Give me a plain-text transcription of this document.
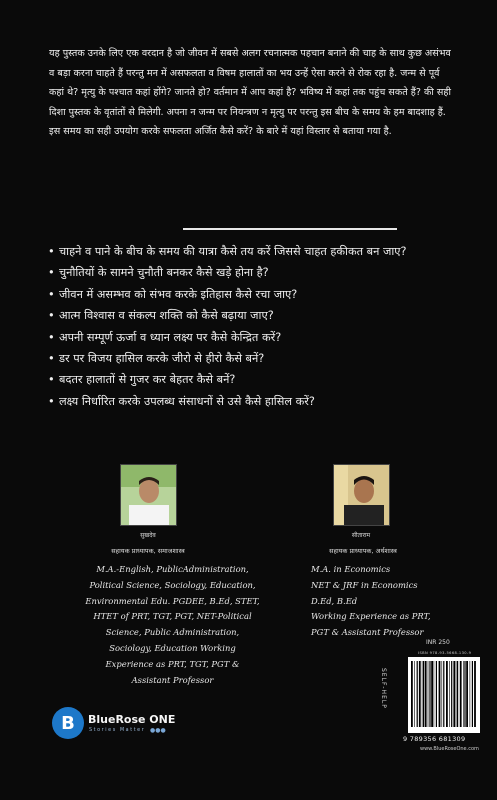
यह पुस्तक उनके लिए एक वरदान है जो जीवन में सबसे अलग रचनात्मक पहचान बनाने की चाह के साथ कुछ असंभव व बड़ा करना चाहते हैं परन्तु मन में असफलता व विषम हालातों का भय उन्हें ऐसा करने से रोक रहा है. जन्म से पूर्व कहां थे? मृत्यु के पश्चात कहां होंगे? जानते हो? वर्तमान में आप कहां है? भविष्य में कहां तक पहुंच सकते हैं? की सही दिशा पुस्तक के वृतांतों से मिलेगी. अपना न जन्म पर नियन्त्रण न मृत्यु पर परन्तु इस बीच के समय के हम बादशाह हैं. इस समय का सही उपयोग करके सफलता अर्जित कैसे करें? के बारे में यहां विस्तार से बताया गया है.

• चाहने व पाने के बीच के समय की यात्रा कैसे तय करें जिससे चाहत हकीकत बन जाए?
• चुनौतियों के सामने चुनौती बनकर कैसे खड़े होना है?
• जीवन में असम्भव को संभव करके इतिहास कैसे रचा जाए?
• आत्म विश्वास व संकल्प शक्ति को कैसे बढ़ाया जाए?
• अपनी सम्पूर्ण ऊर्जा व ध्यान लक्ष्य पर कैसे केन्द्रित करें?
• डर पर विजय हासिल करके जीरो से हीरो कैसे बनें?
• बदतर हालातों से गुजर कर बेहतर कैसे बनें?
• लक्ष्य निर्धारित करके उपलब्ध संसाधनों से उसे कैसे हासिल करें?
सुखदेव
सहायक प्राध्यापक, समाजशास्त्र

M.A.-English, PublicAdministration, Political Science, Sociology, Education, Environmental Edu. PGDEE, B.Ed, STET, HTET of PRT, TGT, PGT, NET-Political Science, Public Administration, Sociology, Education Working Experience as PRT, TGT, PGT & Assistant Professor

सीताराम
सहायक प्राध्यापक, अर्थशास्त्र
M.A. in Economics
NET & JRF in Economics
D.Ed, B.Ed
Working Experience as PRT,
PGT & Assistant Professor
B	BlueRose ONE
Stories Matter ●●●
INR 250
ISBN 978-93-5668-130-9
9 789356 681309
www.BlueRoseOne.com
SELF-HELP
